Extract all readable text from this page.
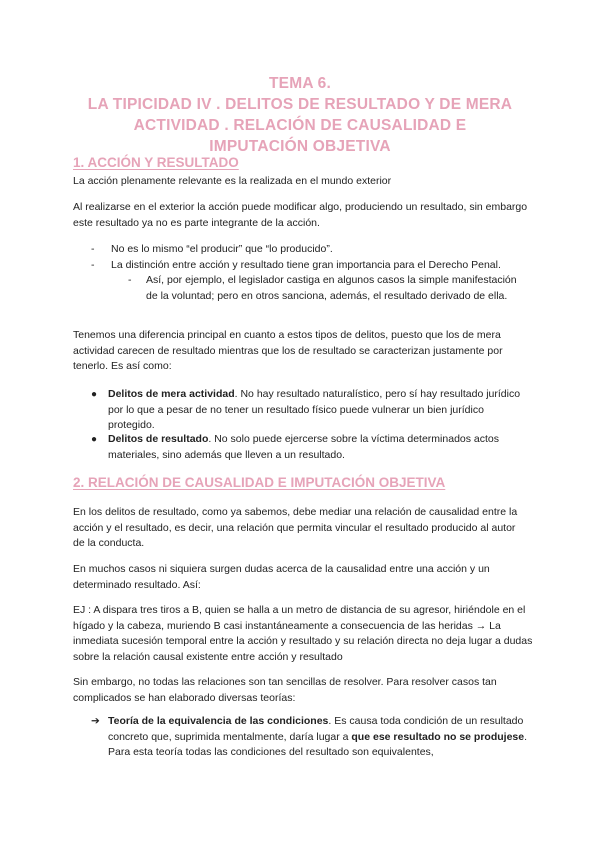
TEMA 6.

LA TIPICIDAD IV . DELITOS DE RESULTADO Y DE MERA

ACTIVIDAD . RELACIÓN DE CAUSALIDAD E

IMPUTACIÓN OBJETIVA

1. ACCIÓN Y RESULTADO

La acción plenamente relevante es la realizada en el mundo exterior

Al realizarse en el exterior la acción puede modificar algo, produciendo un resultado, sin embargo este resultado ya no es parte integrante de la acción.

- No es lo mismo “el producir” que “lo producido”.

- La distinción entre acción y resultado tiene gran importancia para el Derecho Penal.

- Así, por ejemplo, el legislador castiga en algunos casos la simple manifestación de la voluntad; pero en otros sanciona, además, el resultado derivado de ella.

Tenemos una diferencia principal en cuanto a estos tipos de delitos, puesto que los de mera actividad carecen de resultado mientras que los de resultado se caracterizan justamente por tenerlo. Es así como:

● Delitos de mera actividad. No hay resultado naturalístico, pero sí hay resultado jurídico por lo que a pesar de no tener un resultado físico puede vulnerar un bien jurídico protegido.

● Delitos de resultado. No solo puede ejercerse sobre la víctima determinados actos materiales, sino además que lleven a un resultado.

2. RELACIÓN DE CAUSALIDAD E IMPUTACIÓN OBJETIVA

En los delitos de resultado, como ya sabemos, debe mediar una relación de causalidad entre la acción y el resultado, es decir, una relación que permita vincular el resultado producido al autor de la conducta.

En muchos casos ni siquiera surgen dudas acerca de la causalidad entre una acción y un determinado resultado. Así:

EJ : A dispara tres tiros a B, quien se halla a un metro de distancia de su agresor, hiriéndole en el hígado y la cabeza, muriendo B casi instantáneamente a consecuencia de las heridas → La inmediata sucesión temporal entre la acción y resultado y su relación directa no deja lugar a dudas sobre la relación causal existente entre acción y resultado

Sin embargo, no todas las relaciones son tan sencillas de resolver. Para resolver casos tan complicados se han elaborado diversas teorías:

➔ Teoría de la equivalencia de las condiciones. Es causa toda condición de un resultado concreto que, suprimida mentalmente, daría lugar a que ese resultado no se produjese. Para esta teoría todas las condiciones del resultado son equivalentes,
